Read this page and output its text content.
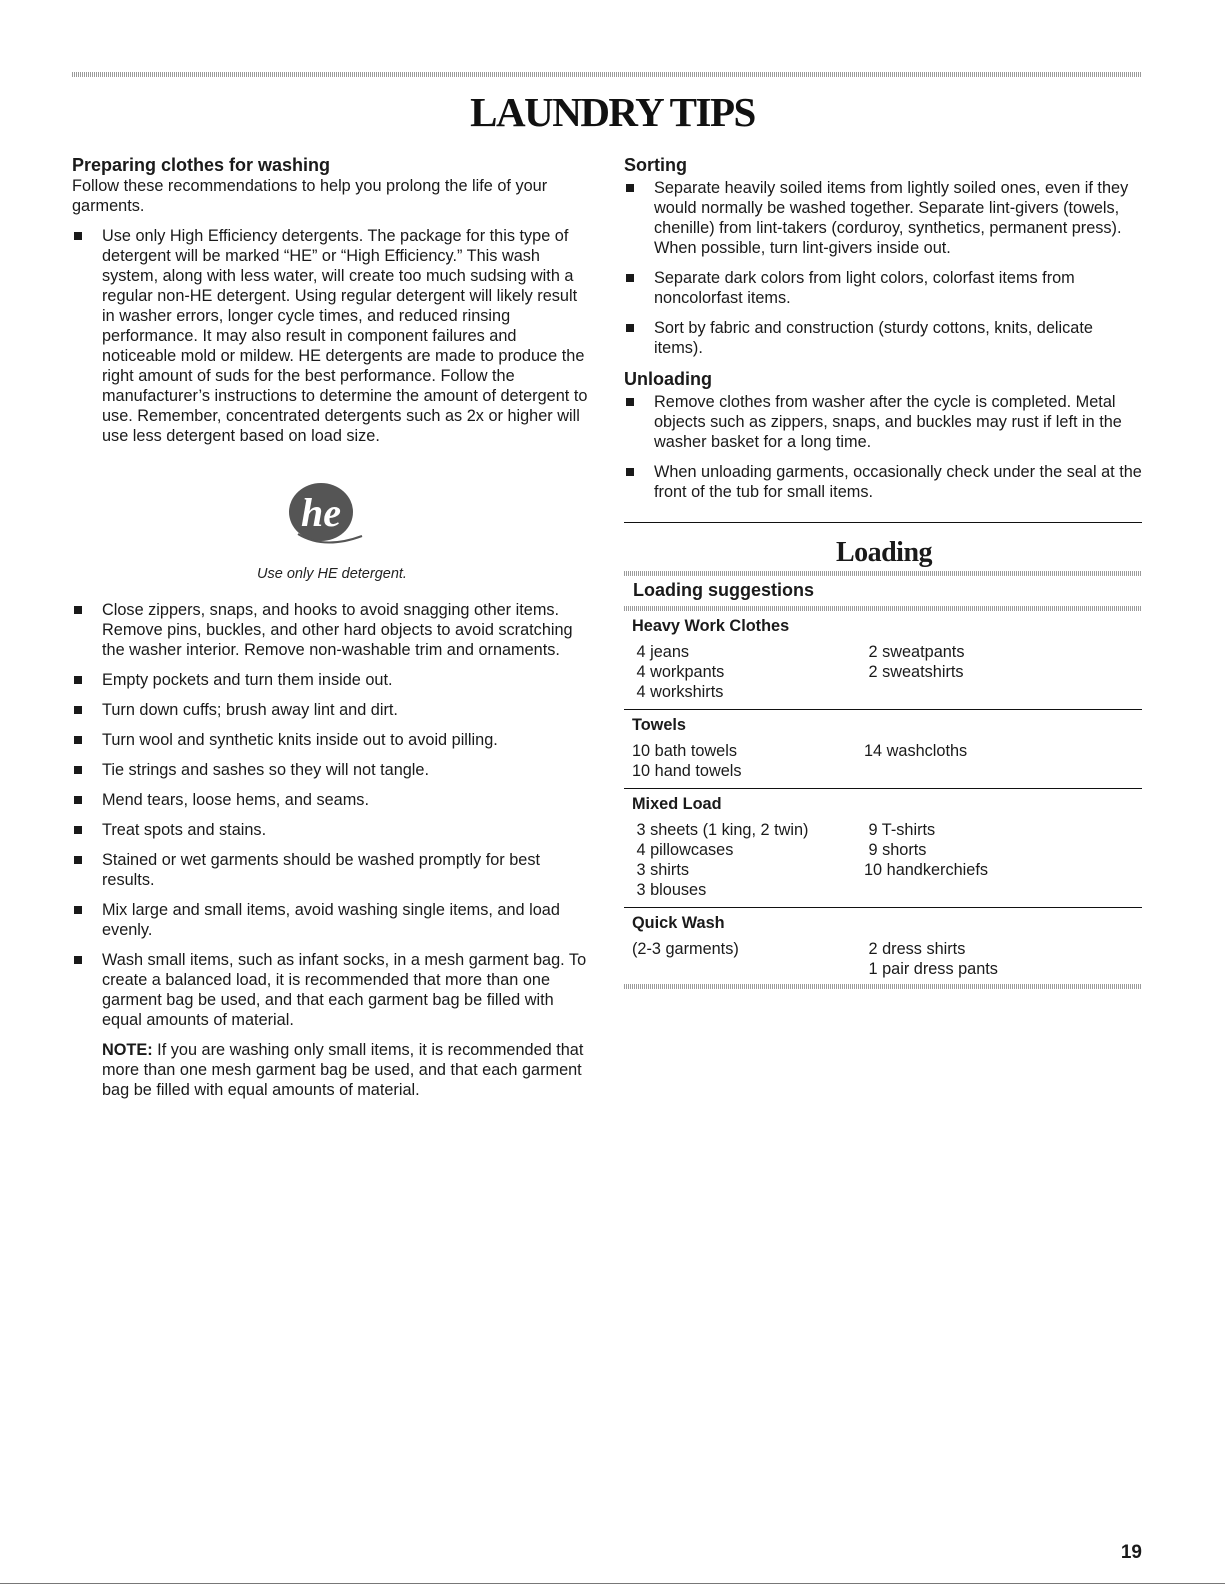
LAUNDRY TIPS
Preparing clothes for washing

Follow these recommendations to help you prolong the life of your garments.

Use only High Efficiency detergents. The package for this type of detergent will be marked “HE” or “High Efficiency.” This wash system, along with less water, will create too much sudsing with a regular non-HE detergent. Using regular detergent will likely result in washer errors, longer cycle times, and reduced rinsing performance. It may also result in component failures and noticeable mold or mildew. HE detergents are made to produce the right amount of suds for the best performance. Follow the manufacturer’s instructions to determine the amount of detergent to use. Remember, concentrated detergents such as 2x or higher will use less detergent based on load size.
he
Use only HE detergent.
Close zippers, snaps, and hooks to avoid snagging other items. Remove pins, buckles, and other hard objects to avoid scratching the washer interior. Remove non-washable trim and ornaments.
Empty pockets and turn them inside out.
Turn down cuffs; brush away lint and dirt.
Turn wool and synthetic knits inside out to avoid pilling.
Tie strings and sashes so they will not tangle.
Mend tears, loose hems, and seams.
Treat spots and stains.
Stained or wet garments should be washed promptly for best results.
Mix large and small items, avoid washing single items, and load evenly.
Wash small items, such as infant socks, in a mesh garment bag. To create a balanced load, it is recommended that more than one garment bag be used, and that each garment bag be filled with equal amounts of material.

NOTE: If you are washing only small items, it is recommended that more than one mesh garment bag be used, and that each garment bag be filled with equal amounts of material.

Sorting
Separate heavily soiled items from lightly soiled ones, even if they would normally be washed together. Separate lint-givers (towels, chenille) from lint-takers (corduroy, synthetics, permanent press). When possible, turn lint-givers inside out.
Separate dark colors from light colors, colorfast items from noncolorfast items.
Sort by fabric and construction (sturdy cottons, knits, delicate items).
Unloading
Remove clothes from washer after the cycle is completed. Metal objects such as zippers, snaps, and buckles may rust if left in the washer basket for a long time.
When unloading garments, occasionally check under the seal at the front of the tub for small items.
Loading
Loading suggestions
Heavy Work Clothes
4 jeans
4 workpants
4 workshirts
2 sweatpants
2 sweatshirts
Towels
10 bath towels
10 hand towels
14 washcloths
Mixed Load
3 sheets (1 king, 2 twin)
4 pillowcases
3 shirts
3 blouses
9 T-shirts
9 shorts
10 handkerchiefs
Quick Wash
(2-3 garments)	2 dress shirts
1 pair dress pants
19
